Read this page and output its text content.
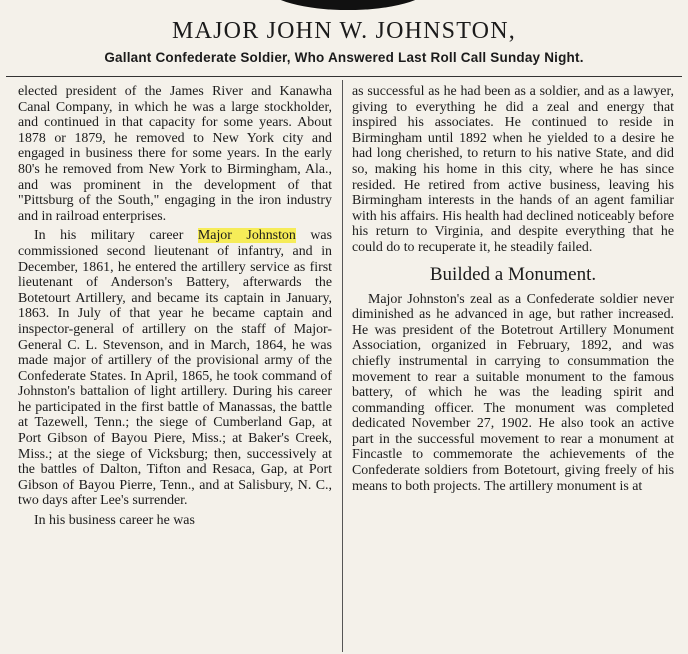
MAJOR JOHN W. JOHNSTON,
Gallant Confederate Soldier, Who Answered Last Roll Call Sunday Night.

elected president of the James River and Kanawha Canal Company, in which he was a large stockholder, and continued in that capacity for some years. About 1878 or 1879, he removed to New York city and engaged in business there for some years. In the early 80's he removed from New York to Birmingham, Ala., and was prominent in the development of that "Pittsburg of the South," engaging in the iron industry and in railroad enterprises.

In his military career Major Johnston was commissioned second lieutenant of infantry, and in December, 1861, he entered the artillery service as first lieutenant of Anderson's Battery, afterwards the Botetourt Artillery, and became its captain in January, 1863. In July of that year he became captain and inspector-general of artillery on the staff of Major-General C. L. Stevenson, and in March, 1864, he was made major of artillery of the provisional army of the Confederate States. In April, 1865, he took command of Johnston's battalion of light artillery. During his career he participated in the first battle of Manassas, the battle at Tazewell, Tenn.; the siege of Cumberland Gap, at Port Gibson of Bayou Piere, Miss.; at Baker's Creek, Miss.; at the siege of Vicksburg; then, successively at the battles of Dalton, Tifton and Resaca, Gap, at Port Gibson of Bayou Pierre, Tenn., and at Salisbury, N. C., two days after Lee's surrender.

In his business career he was

as successful as he had been as a soldier, and as a lawyer, giving to everything he did a zeal and energy that inspired his associates. He continued to reside in Birmingham until 1892 when he yielded to a desire he had long cherished, to return to his native State, and did so, making his home in this city, where he has since resided. He retired from active business, leaving his Birmingham interests in the hands of an agent familiar with his affairs. His health had declined noticeably before his return to Virginia, and despite everything that he could do to recuperate it, he steadily failed.

Builded a Monument.

Major Johnston's zeal as a Confederate soldier never diminished as he advanced in age, but rather increased. He was president of the Botetrout Artillery Monument Association, organized in February, 1892, and was chiefly instrumental in carrying to consummation the movement to rear a suitable monument to the famous battery, of which he was the leading spirit and commanding officer. The monument was completed dedicated November 27, 1902. He also took an active part in the successful movement to rear a monument at Fincastle to commemorate the achievements of the Confederate soldiers from Botetourt, giving freely of his means to both projects. The artillery monument is at
